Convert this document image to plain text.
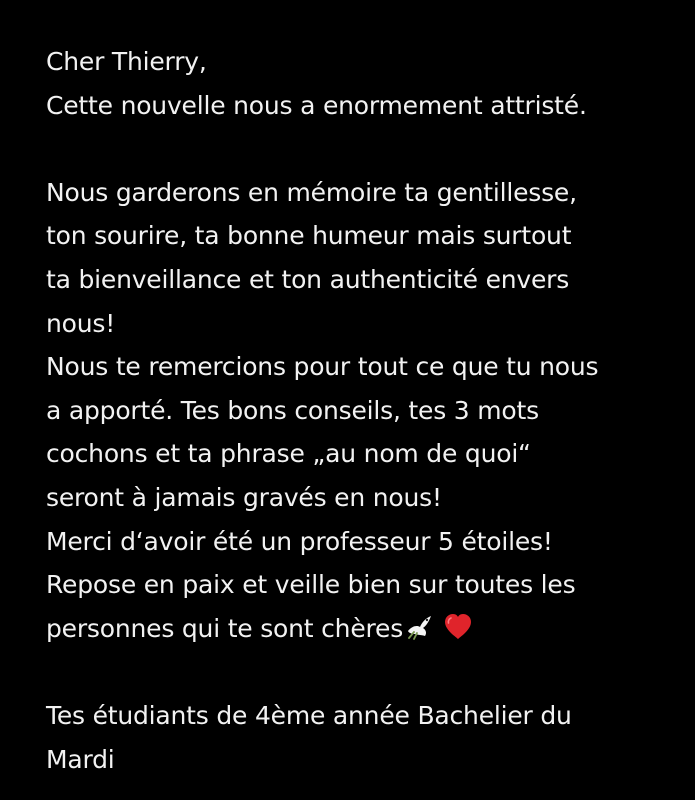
Cher Thierry,
Cette nouvelle nous a enormement attristé.
Nous garderons en mémoire ta gentillesse,
ton sourire, ta bonne humeur mais surtout
ta bienveillance et ton authenticité envers
nous!
Nous te remercions pour tout ce que tu nous
a apporté. Tes bons conseils, tes 3 mots
cochons et ta phrase „au nom de quoi“
seront à jamais gravés en nous!
Merci d‘avoir été un professeur 5 étoiles!
Repose en paix et veille bien sur toutes les
personnes qui te sont chères
Tes étudiants de 4ème année Bachelier du
Mardi
